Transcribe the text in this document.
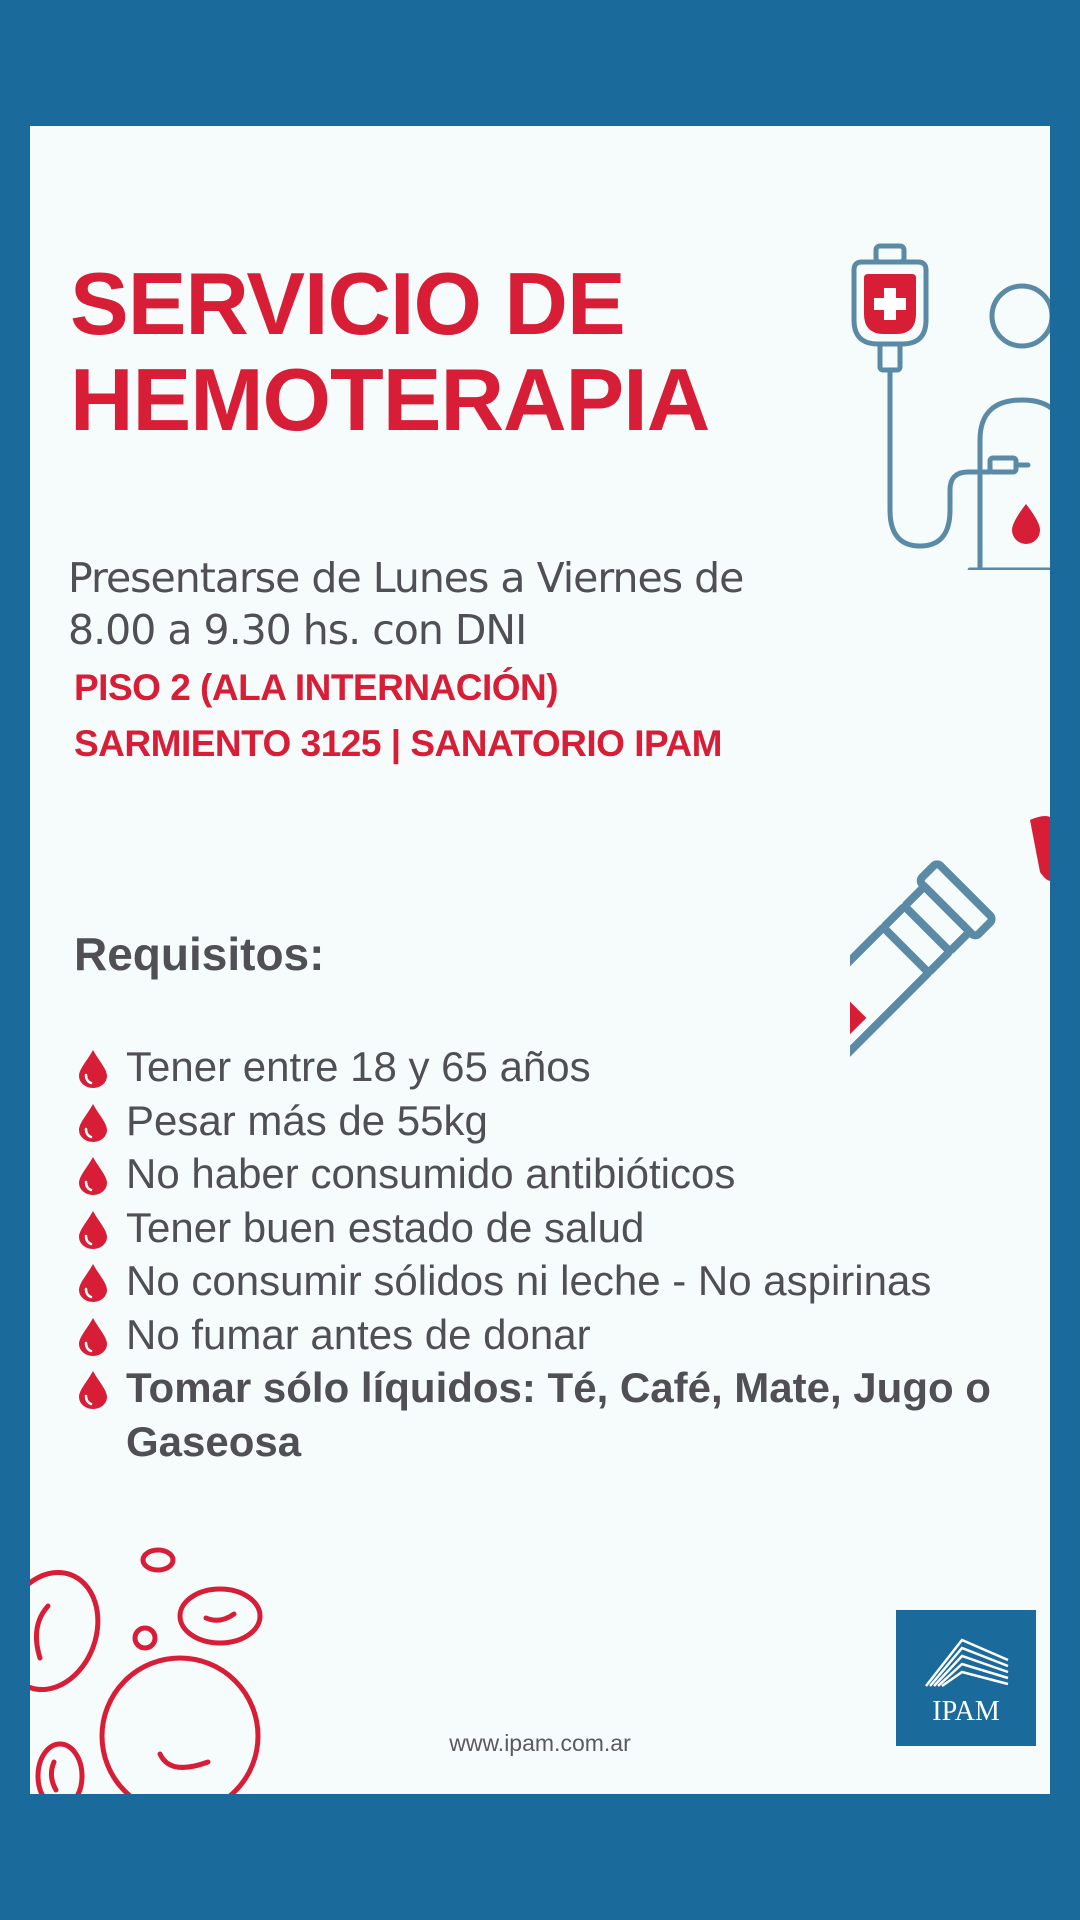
SERVICIO DE
HEMOTERAPIA
Presentarse de Lunes a Viernes de
8.00 a 9.30 hs. con DNI
PISO 2 (ALA INTERNACIÓN)
SARMIENTO 3125 | SANATORIO IPAM
Requisitos:
Tener entre 18 y 65 años
Pesar más de 55kg
No haber consumido antibióticos
Tener buen estado de salud
No consumir sólidos ni leche - No aspirinas
No fumar antes de donar
Tomar sólo líquidos: Té, Café, Mate, Jugo o Gaseosa
www.ipam.com.ar
IPAM
